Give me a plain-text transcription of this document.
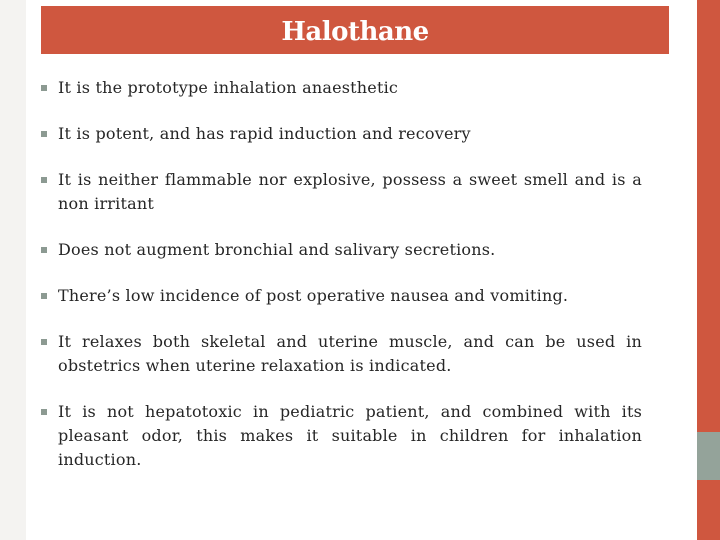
Halothane
It is the prototype inhalation anaesthetic
It is potent, and has rapid induction and recovery
It is neither flammable nor explosive, possess a sweet smell and is a non irritant
Does not augment bronchial and salivary secretions.
There’s low incidence of post operative nausea and vomiting.
It relaxes both skeletal and uterine muscle, and can be used in obstetrics when uterine relaxation is indicated.
It is not hepatotoxic in pediatric patient, and combined with its pleasant odor, this makes it suitable in children for inhalation induction.
